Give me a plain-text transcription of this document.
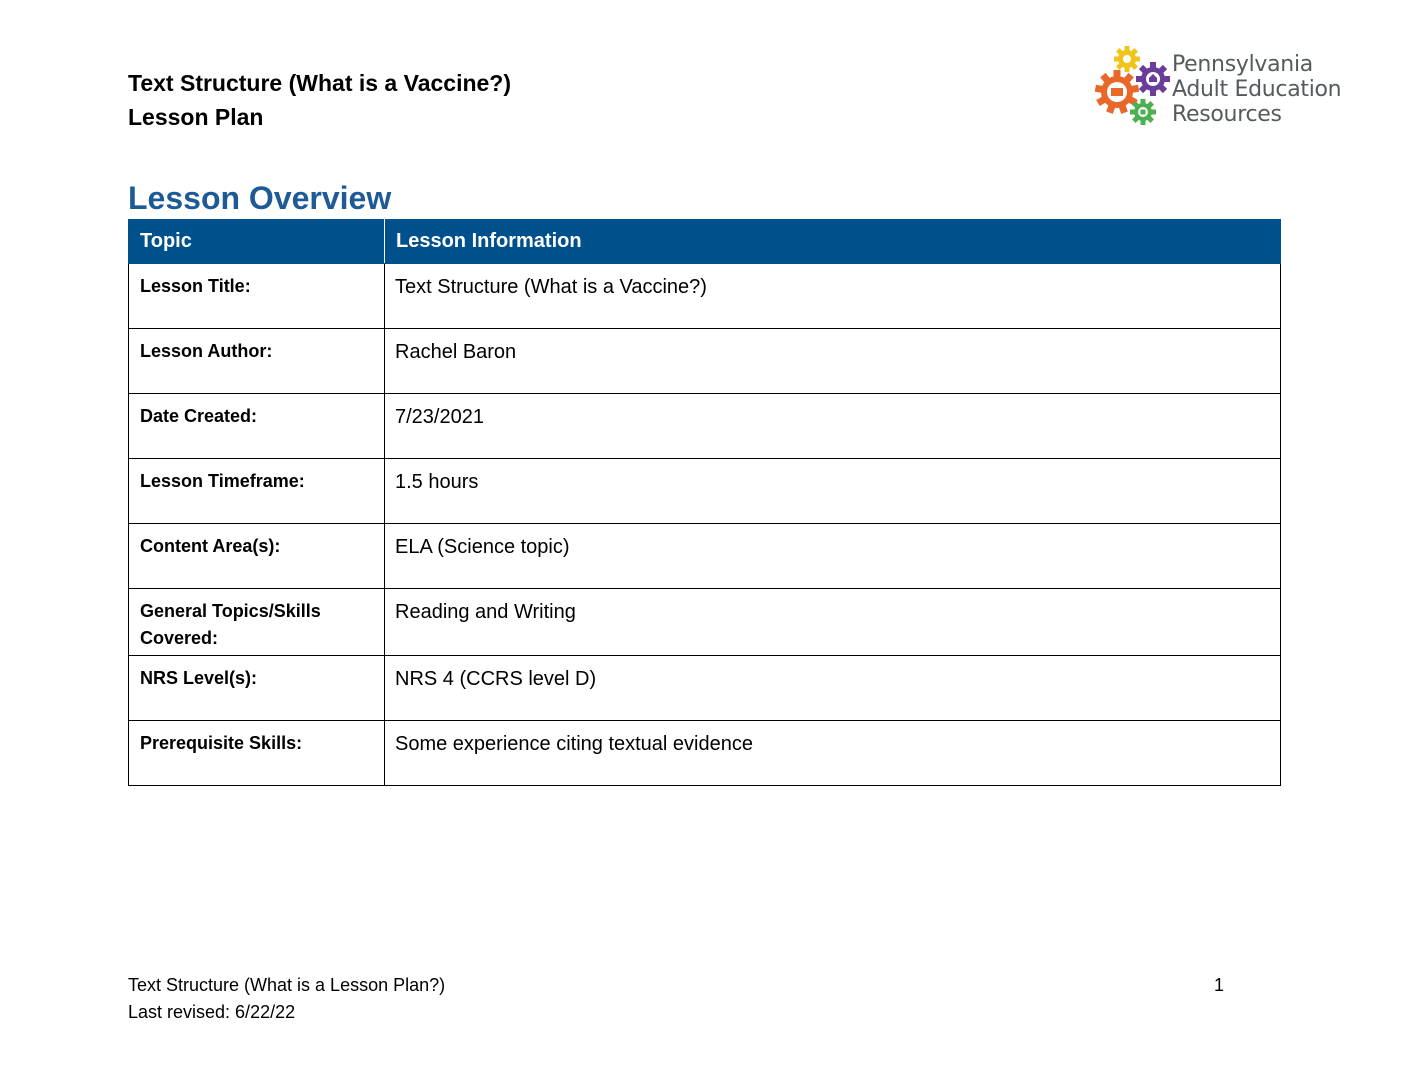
Text Structure (What is a Vaccine?)
Lesson Plan
Pennsylvania
Adult Education
Resources
Lesson Overview
Topic	Lesson Information
Lesson Title:	Text Structure (What is a Vaccine?)
Lesson Author:	Rachel Baron
Date Created:	7/23/2021
Lesson Timeframe:	1.5 hours
Content Area(s):	ELA (Science topic)
General Topics/Skills Covered:	Reading and Writing
NRS Level(s):	NRS 4 (CCRS level D)
Prerequisite Skills:	Some experience citing textual evidence
Text Structure (What is a Lesson Plan?)
Last revised: 6/22/22
1
